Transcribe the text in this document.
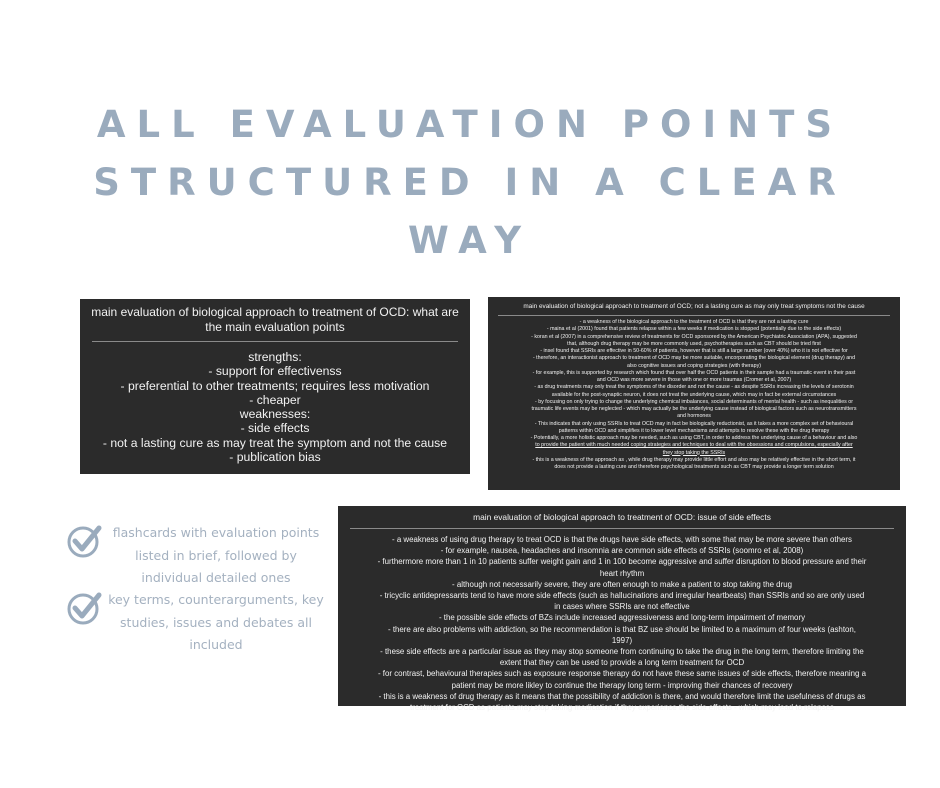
ALL EVALUATION POINTS
STRUCTURED IN A CLEAR
WAY
main evaluation of biological approach to treatment of OCD: what are the main evaluation points
strengths:
- support for effectivenss
- preferential to other treatments; requires less motivation
- cheaper
weaknesses:
- side effects
- not a lasting cure as may treat the symptom and not the cause
- publication bias
main evaluation of biological approach to treatment of OCD; not a lasting cure as may only treat symptoms not the cause
- a weakness of the biological approach to the treatment of OCD is that they are not a lasting cure
- maina et al (2001) found that patients relapse within a few weeks if medication is stopped (potentially due to the side effects)
- koran et al (2007) in a comprehensive review of treatments for OCD sponsored by the American Psychiatric Association (APA), suggested
that, although drug therapy may be more commonly used, psychotherapies such as CBT should be tried first
- insel found that SSRIs are effective in 50-60% of patients, however that is still a large number (over 40%) who it is not effective for
- therefore, an interactionist approach to treatment of OCD may be more suitable, encorporating the biological element (drug therapy) and
also cognitive issues and coping strategies (with therapy)
- for example, this is supported by research which found that over half the OCD patients in their sample had a traumatic event in their past
and OCD was more severe in those with one or more traumas (Cromer et al, 2007)
- as drug treatments may only treat the symptoms of the disorder and not the cause - as despite SSRIs increasing the levels of serotonin
available for the post-synaptic neuron, it does not treat the underlying cause, which may in fact be external circumstances
- by focusing on only trying to change the underlying chemical imbalances, social determinants of mental health - such as inequalities or
traumatic life events may be neglected - which may actually be the underlying cause instead of biological factors such as neurotransmitters
and hormones
- This indicates that only using SSRIs to treat OCD may in fact be biologically reductionist, as it takes a more complex set of behavioural
patterns within OCD and simplifies it to lower level mechanisms and attempts to resolve these with the drug therapy
- Potentially, a more holistic approach may be needed, such as using CBT, in order to address the underlying cause of a behaviour and also
to provide the patient with much needed coping strategies and techniques to deal with the obsessions and compulsions, especially after
they stop taking the SSRIs
- this is a weakness of the approach as , while drug therapy may provide little effort and also may be relatively effective in the short term, it
does not provide a lasting cure and therefore psychological treatments such as CBT may provide a longer term solution
main evaluation of biological approach to treatment of OCD: issue of side effects
- a weakness of using drug therapy to treat OCD is that the drugs have side effects, with some that may be more severe than others
- for example, nausea, headaches and insomnia are common side effects of SSRIs (soomro et al, 2008)
- furthermore more than 1 in 10 patients suffer weight gain and 1 in 100 become aggressive and suffer disruption to blood pressure and their
heart rhythm
- although not necessarily severe, they are often enough to make a patient to stop taking the drug
- tricyclic antidepressants tend to have more side effects (such as hallucinations and irregular heartbeats) than SSRIs and so are only used
in cases where SSRIs are not effective
- the possible side effects of BZs include increased aggressiveness and long-term impairment of memory
- there are also problems with addiction, so the recommendation is that BZ use should be limited to a maximum of four weeks (ashton,
1997)
- these side effects are a particular issue as they may stop someone from continuing to take the drug in the long term, therefore limiting the
extent that they can be used to provide a long term treatment for OCD
- for contrast, behavioural therapies such as exposure response therapy do not have these same issues of side effects, therefore meaning a
patient may be more likley to continue the therapy long term - improving their chances of recovery
- this is a weakness of drug therapy as it means that the possibility of addiction is there, and would therefore limit the usefulness of drugs as
treatment for OCD as patients may stop taking medication if they experience the side effects - which may lead to relapses
flashcards with evaluation points
listed in brief, followed by
individual detailed ones
key terms, counterarguments, key
studies, issues and debates all
included
